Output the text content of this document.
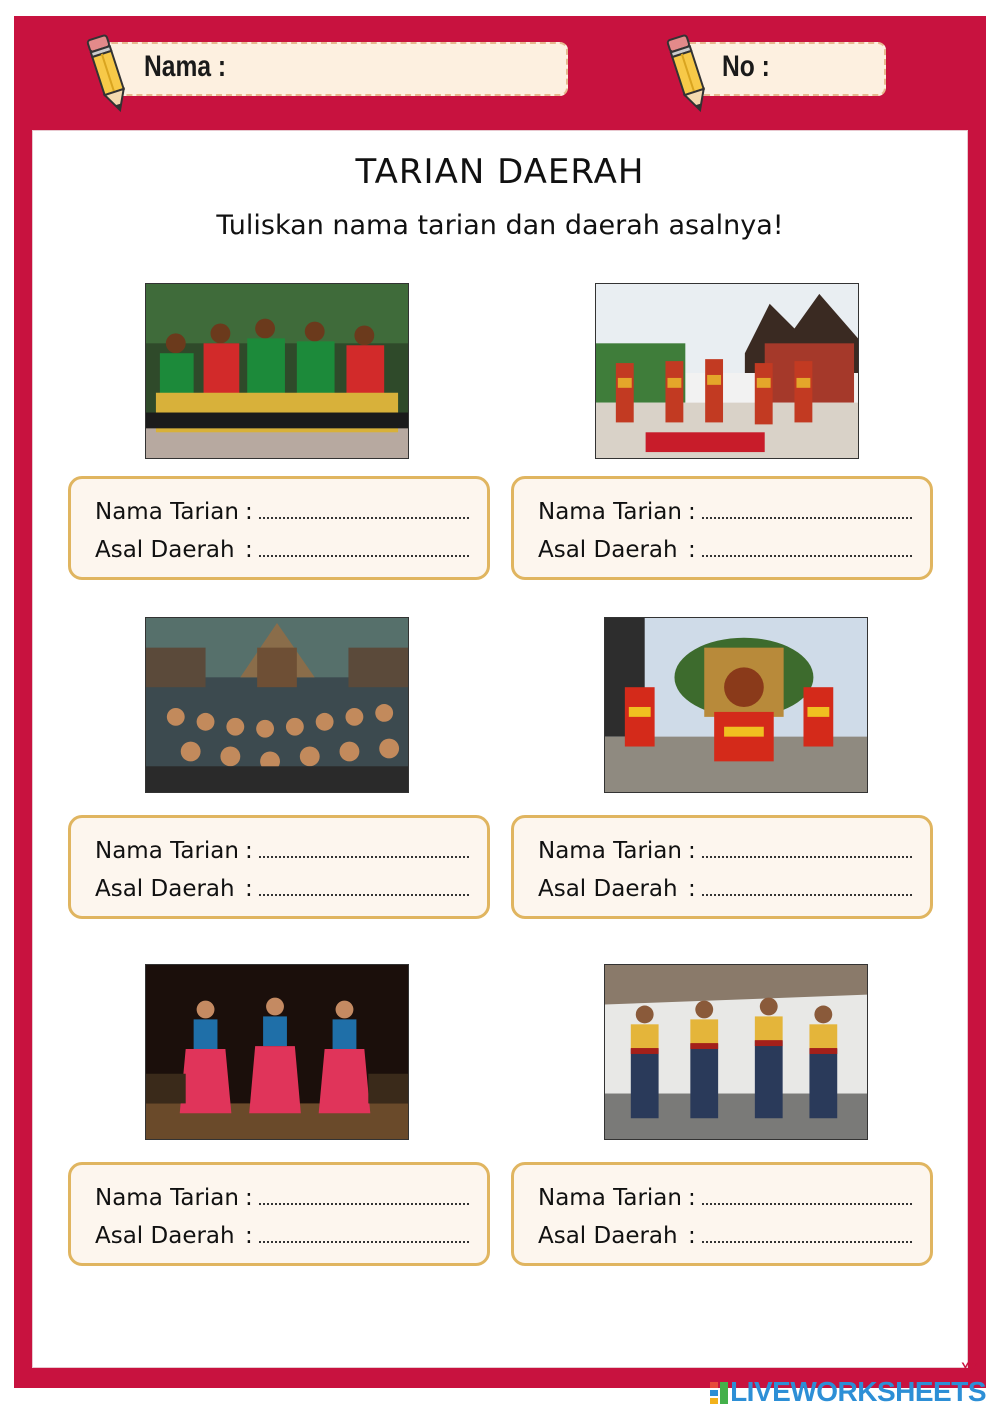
Nama :	No :
TARIAN DAERAH
Tuliskan nama tarian dan daerah asalnya!
Nama Tarian :
Asal Daerah :
Nama Tarian :
Asal Daerah :
Nama Tarian :
Asal Daerah :
Nama Tarian :
Asal Daerah :
Nama Tarian :
Asal Daerah :
Nama Tarian :
Asal Daerah :
YR
LIVEWORKSHEETS
